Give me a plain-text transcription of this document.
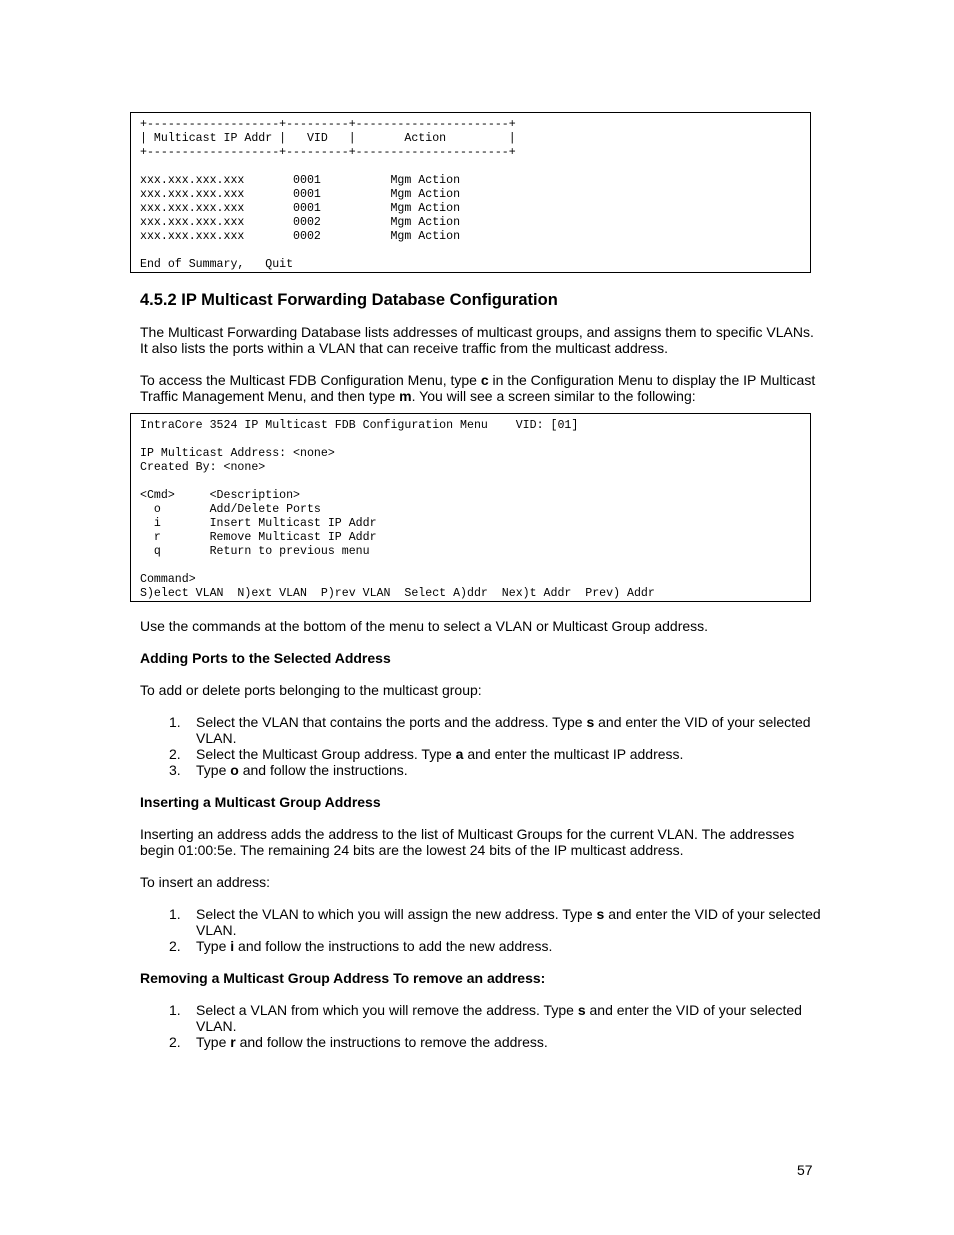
+-------------------+---------+----------------------+
| Multicast IP Addr |   VID   |       Action         |
+-------------------+---------+----------------------+
xxx.xxx.xxx.xxx       0001          Mgm Action
xxx.xxx.xxx.xxx       0001          Mgm Action
xxx.xxx.xxx.xxx       0001          Mgm Action
xxx.xxx.xxx.xxx       0002          Mgm Action
xxx.xxx.xxx.xxx       0002          Mgm Action
End of Summary,   Quit
4.5.2 IP Multicast Forwarding Database Configuration

The Multicast Forwarding Database lists addresses of multicast groups, and assigns them to specific VLANs. It also lists the ports within a VLAN that can receive traffic from the multicast address.

To access the Multicast FDB Configuration Menu, type c in the Configuration Menu to display the IP Multicast Traffic Management Menu, and then type m. You will see a screen similar to the following:

IntraCore 3524 IP Multicast FDB Configuration Menu    VID: [01]
IP Multicast Address: <none>
Created By: <none>
<Cmd>     <Description>
o       Add/Delete Ports
i       Insert Multicast IP Addr
r       Remove Multicast IP Addr
q       Return to previous menu
Command>
S)elect VLAN  N)ext VLAN  P)rev VLAN  Select A)ddr  Nex)t Addr  Prev) Addr

Use the commands at the bottom of the menu to select a VLAN or Multicast Group address.

Adding Ports to the Selected Address

To add or delete ports belonging to the multicast group:

1. Select the VLAN that contains the ports and the address. Type s and enter the VID of your selected VLAN.
2. Select the Multicast Group address. Type a and enter the multicast IP address.
3. Type o and follow the instructions.
Inserting a Multicast Group Address

Inserting an address adds the address to the list of Multicast Groups for the current VLAN. The addresses begin 01:00:5e. The remaining 24 bits are the lowest 24 bits of the IP multicast address.

To insert an address:

1. Select the VLAN to which you will assign the new address. Type s and enter the VID of your selected VLAN.
2. Type i and follow the instructions to add the new address.
Removing a Multicast Group Address To remove an address:
1. Select a VLAN from which you will remove the address. Type s and enter the VID of your selected VLAN.
2. Type r and follow the instructions to remove the address.
57
